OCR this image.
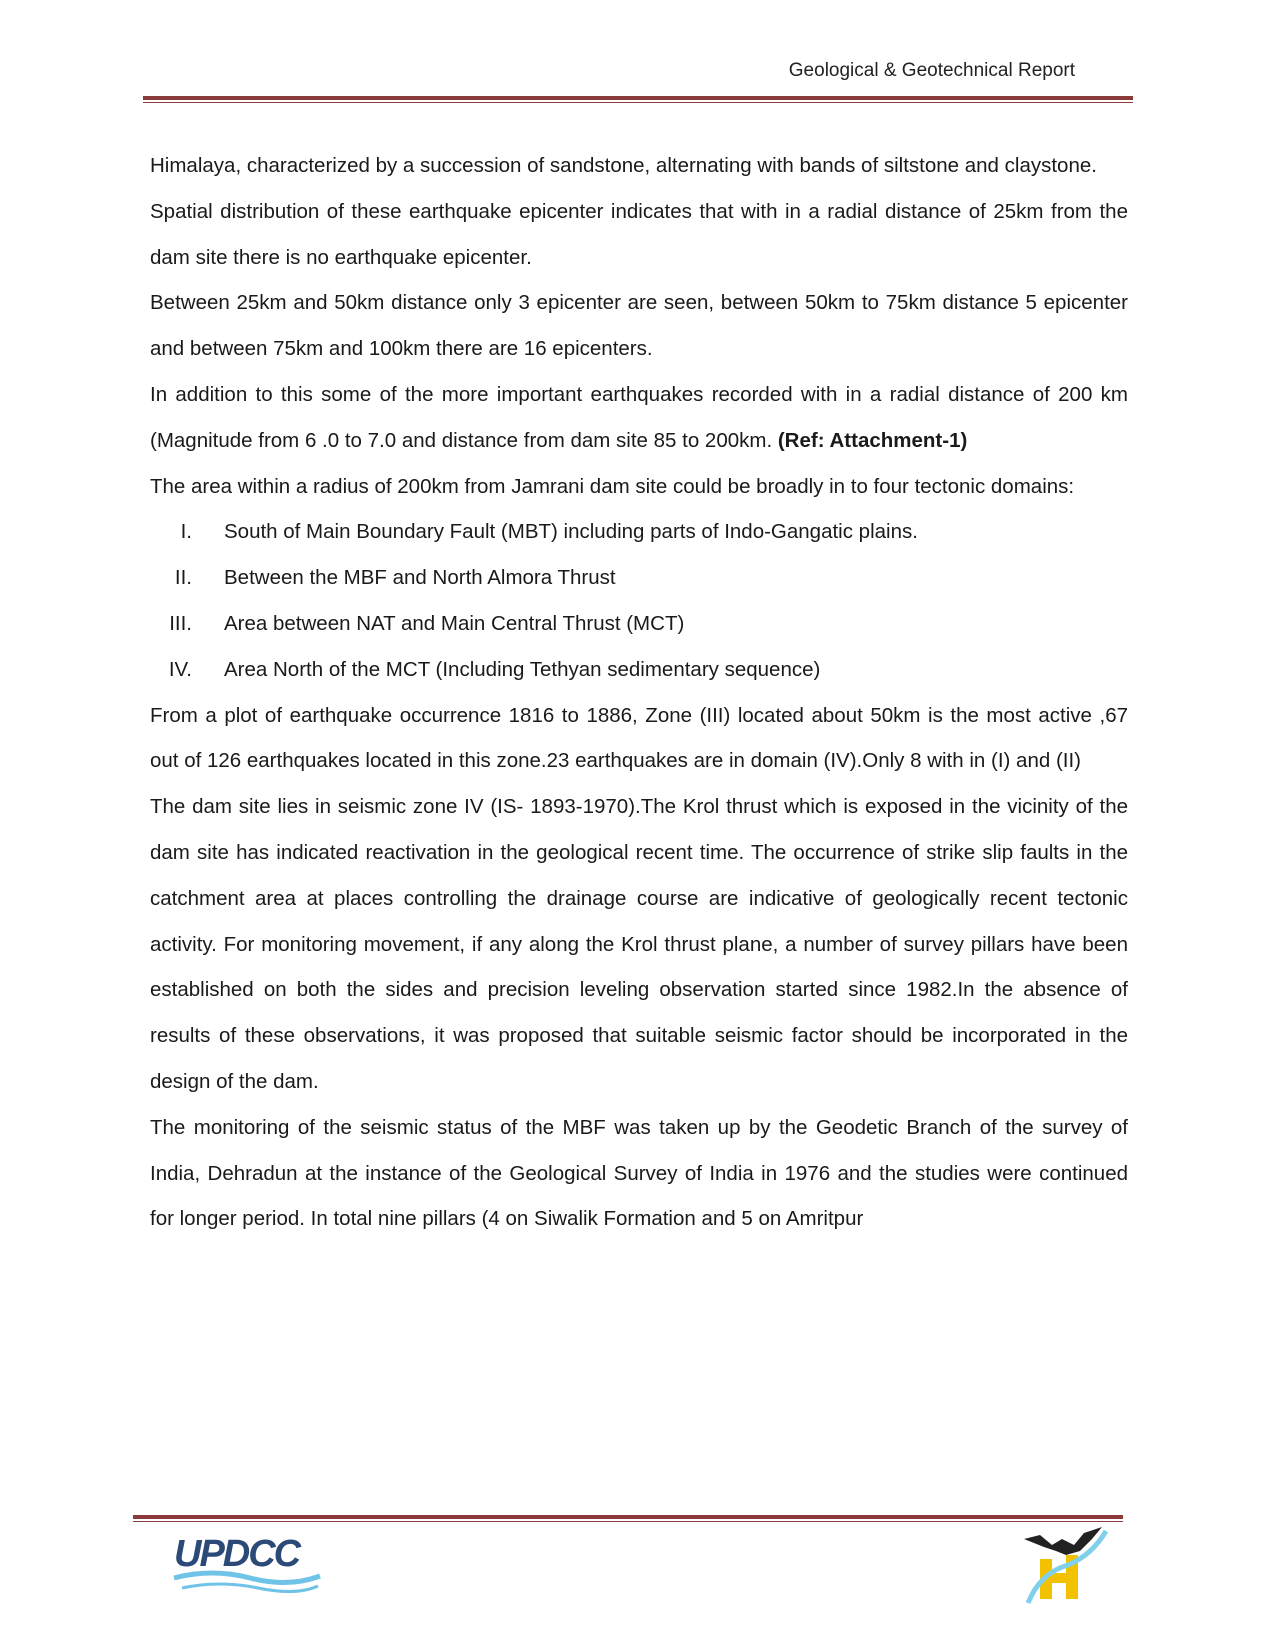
Geological & Geotechnical Report

Himalaya, characterized by a succession of sandstone, alternating with bands of siltstone and claystone.

Spatial distribution of these earthquake epicenter indicates that with in a radial distance of 25km from the dam site there is no earthquake epicenter.

Between 25km and 50km distance only 3 epicenter are seen, between 50km to 75km distance 5 epicenter and between 75km and 100km there are 16 epicenters.

In addition to this some of the more important earthquakes recorded with in a radial distance of 200 km (Magnitude from 6 .0 to 7.0 and distance from dam site 85 to 200km. (Ref: Attachment-1)

The area within a radius of 200km from Jamrani dam site could be broadly in to four tectonic domains:

I.	South of Main Boundary Fault (MBT) including parts of Indo-Gangatic plains.
II.	Between the MBF and North Almora Thrust
III.	Area between NAT and Main Central Thrust (MCT)
IV.	Area North of the MCT (Including Tethyan sedimentary sequence)

From a plot of earthquake occurrence 1816 to 1886, Zone (III) located about 50km is the most active ,67 out of 126 earthquakes located in this zone.23 earthquakes are in domain (IV).Only 8 with in (I) and (II)

The dam site lies in seismic zone IV (IS- 1893-1970).The Krol thrust which is exposed in the vicinity of the dam site has indicated reactivation in the geological recent time. The occurrence of strike slip faults in the catchment area at places controlling the drainage course are indicative of geologically recent tectonic activity. For monitoring movement, if any along the Krol thrust plane, a number of survey pillars have been established on both the sides and precision leveling observation started since 1982.In the absence of results of these observations, it was proposed that suitable seismic factor should be incorporated in the design of the dam.

The monitoring of the seismic status of the MBF was taken up by the Geodetic Branch of the survey of India, Dehradun at the instance of the Geological Survey of India in 1976 and the studies were continued for longer period. In total nine pillars (4 on Siwalik Formation and 5 on Amritpur

UPDCC
